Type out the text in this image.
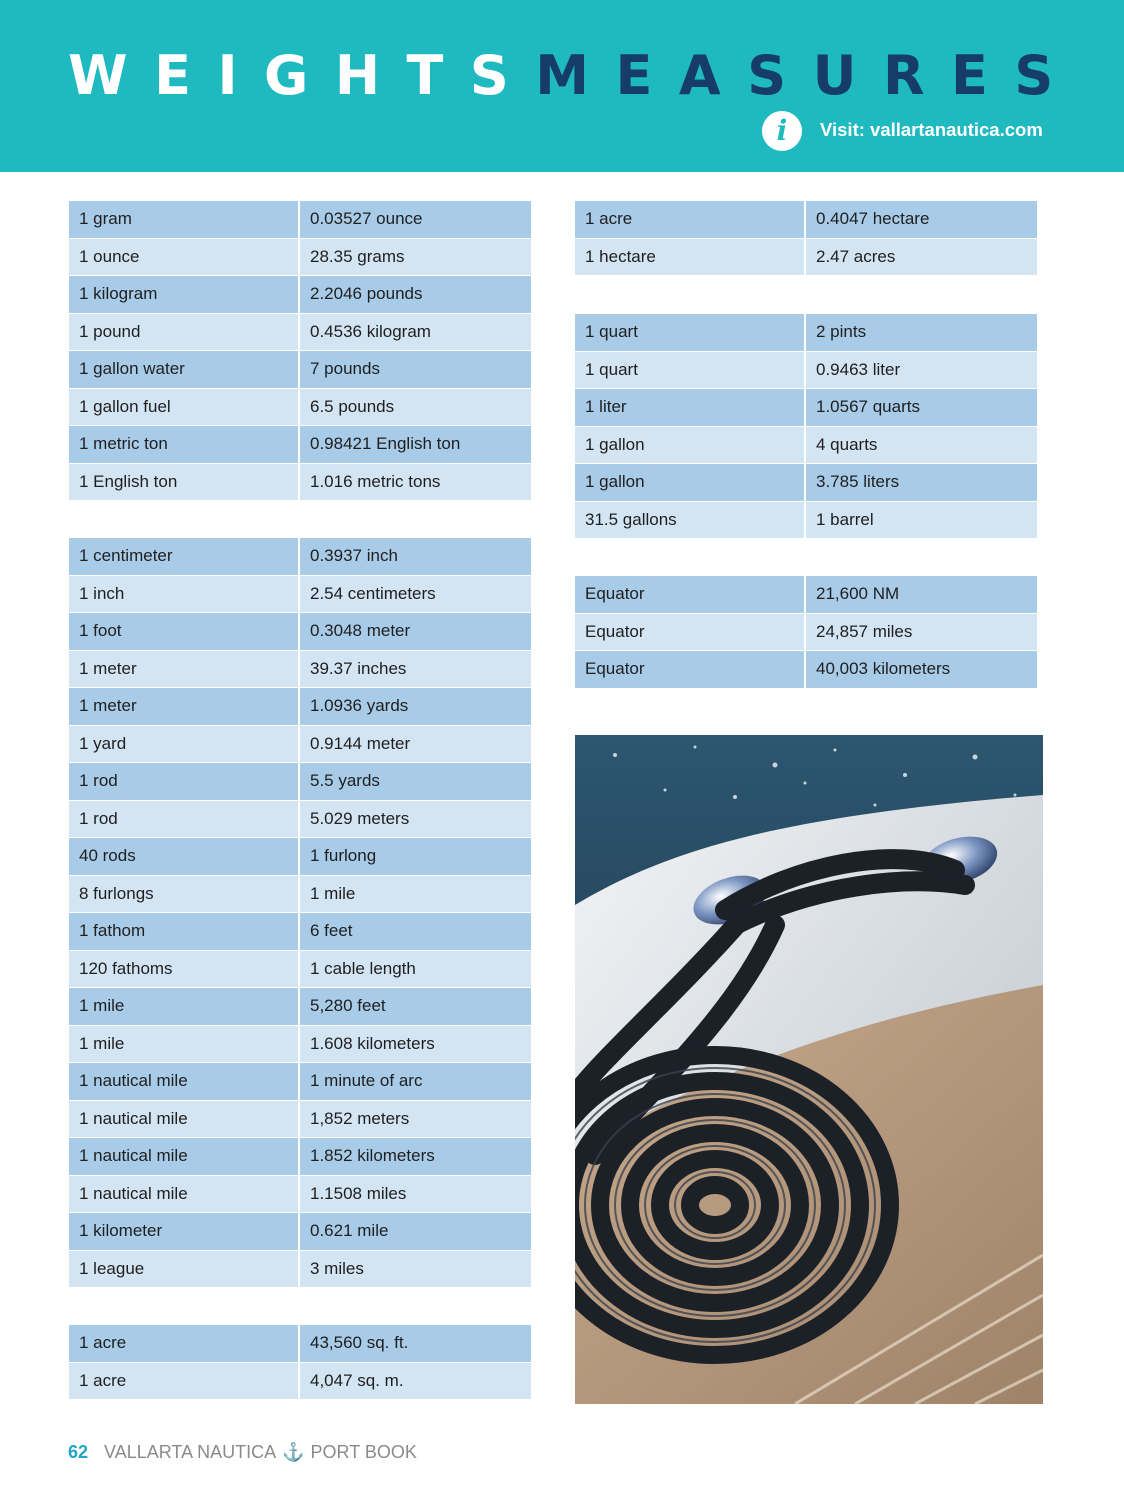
WEIGHTSMEASURES
i	Visit: vallartanautica.com
1 gram	0.03527 ounce
1 ounce	28.35 grams
1 kilogram	2.2046 pounds
1 pound	0.4536 kilogram
1 gallon water	7 pounds
1 gallon fuel	6.5 pounds
1 metric ton	0.98421 English ton
1 English ton	1.016 metric tons
1 centimeter	0.3937 inch
1 inch	2.54 centimeters
1 foot	0.3048 meter
1 meter	39.37 inches
1 meter	1.0936 yards
1 yard	0.9144 meter
1 rod	5.5 yards
1 rod	5.029 meters
40 rods	1 furlong
8 furlongs	1 mile
1 fathom	6 feet
120 fathoms	1 cable length
1 mile	5,280 feet
1 mile	1.608 kilometers
1 nautical mile	1 minute of arc
1 nautical mile	1,852 meters
1 nautical mile	1.852 kilometers
1 nautical mile	1.1508 miles
1 kilometer	0.621 mile
1 league	3 miles
1 acre	43,560 sq. ft.
1 acre	4,047 sq. m.
1 acre	0.4047 hectare
1 hectare	2.47 acres
1 quart	2 pints
1 quart	0.9463 liter
1 liter	1.0567 quarts
1 gallon	4 quarts
1 gallon	3.785 liters
31.5 gallons	1 barrel
Equator	21,600 NM
Equator	24,857 miles
Equator	40,003 kilometers
62 VALLARTA NAUTICA ⚓ PORT BOOK
